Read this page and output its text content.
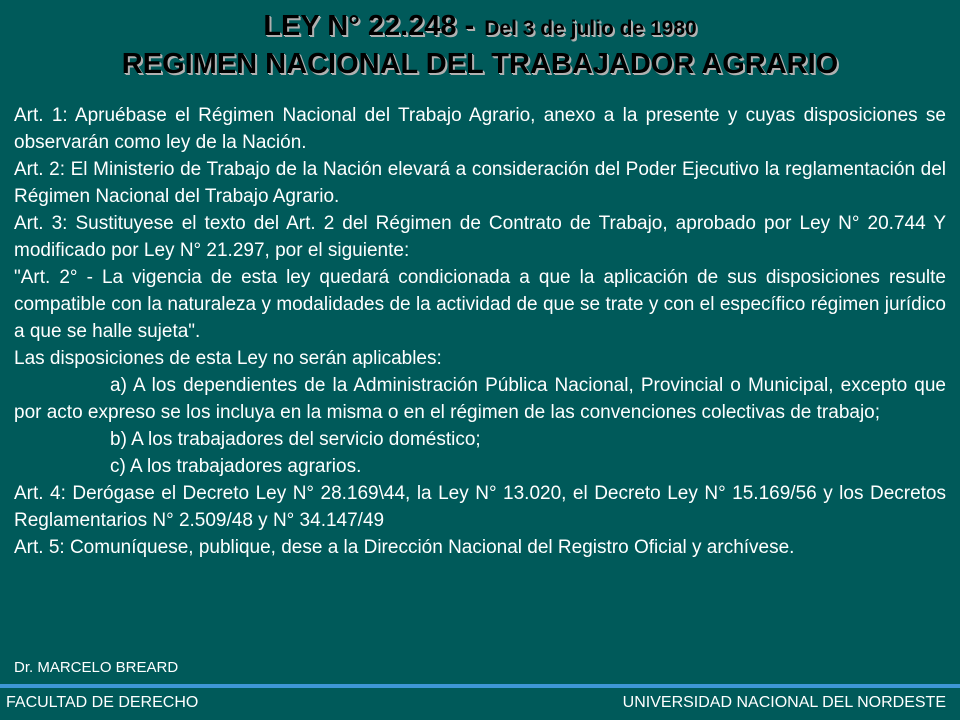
LEY N° 22.248 - Del 3 de julio de 1980
REGIMEN NACIONAL DEL TRABAJADOR AGRARIO

Art. 1: Apruébase el Régimen Nacional del Trabajo Agrario, anexo a la presente y cuyas disposiciones se observarán como ley de la Nación.

Art. 2: El Ministerio de Trabajo de la Nación elevará a consideración del Poder Ejecutivo la reglamentación del Régimen Nacional del Trabajo Agrario.

Art. 3: Sustituyese el texto del Art. 2 del Régimen de Contrato de Trabajo, aprobado por Ley N° 20.744 Y modificado por Ley N° 21.297, por el siguiente:

"Art. 2° - La vigencia de esta ley quedará condicionada a que la aplicación de sus disposiciones resulte compatible con la naturaleza y modalidades de la actividad de que se trate y con el específico régimen jurídico a que se halle sujeta".

Las disposiciones de esta Ley no serán aplicables:

a) A los dependientes de la Administración Pública Nacional, Provincial o Municipal, excepto que por acto expreso se los incluya en la misma o en el régimen de las convenciones colectivas de trabajo;

b) A los trabajadores del servicio doméstico;

c) A los trabajadores agrarios.

Art. 4: Derógase el Decreto Ley N° 28.169\44, la Ley N° 13.020, el Decreto Ley N° 15.169/56 y los Decretos Reglamentarios N° 2.509/48 y N° 34.147/49

Art. 5: Comuníquese, publique, dese a la Dirección Nacional del Registro Oficial y archívese.

Dr. MARCELO BREARD
FACULTAD DE DERECHO	UNIVERSIDAD NACIONAL DEL NORDESTE
